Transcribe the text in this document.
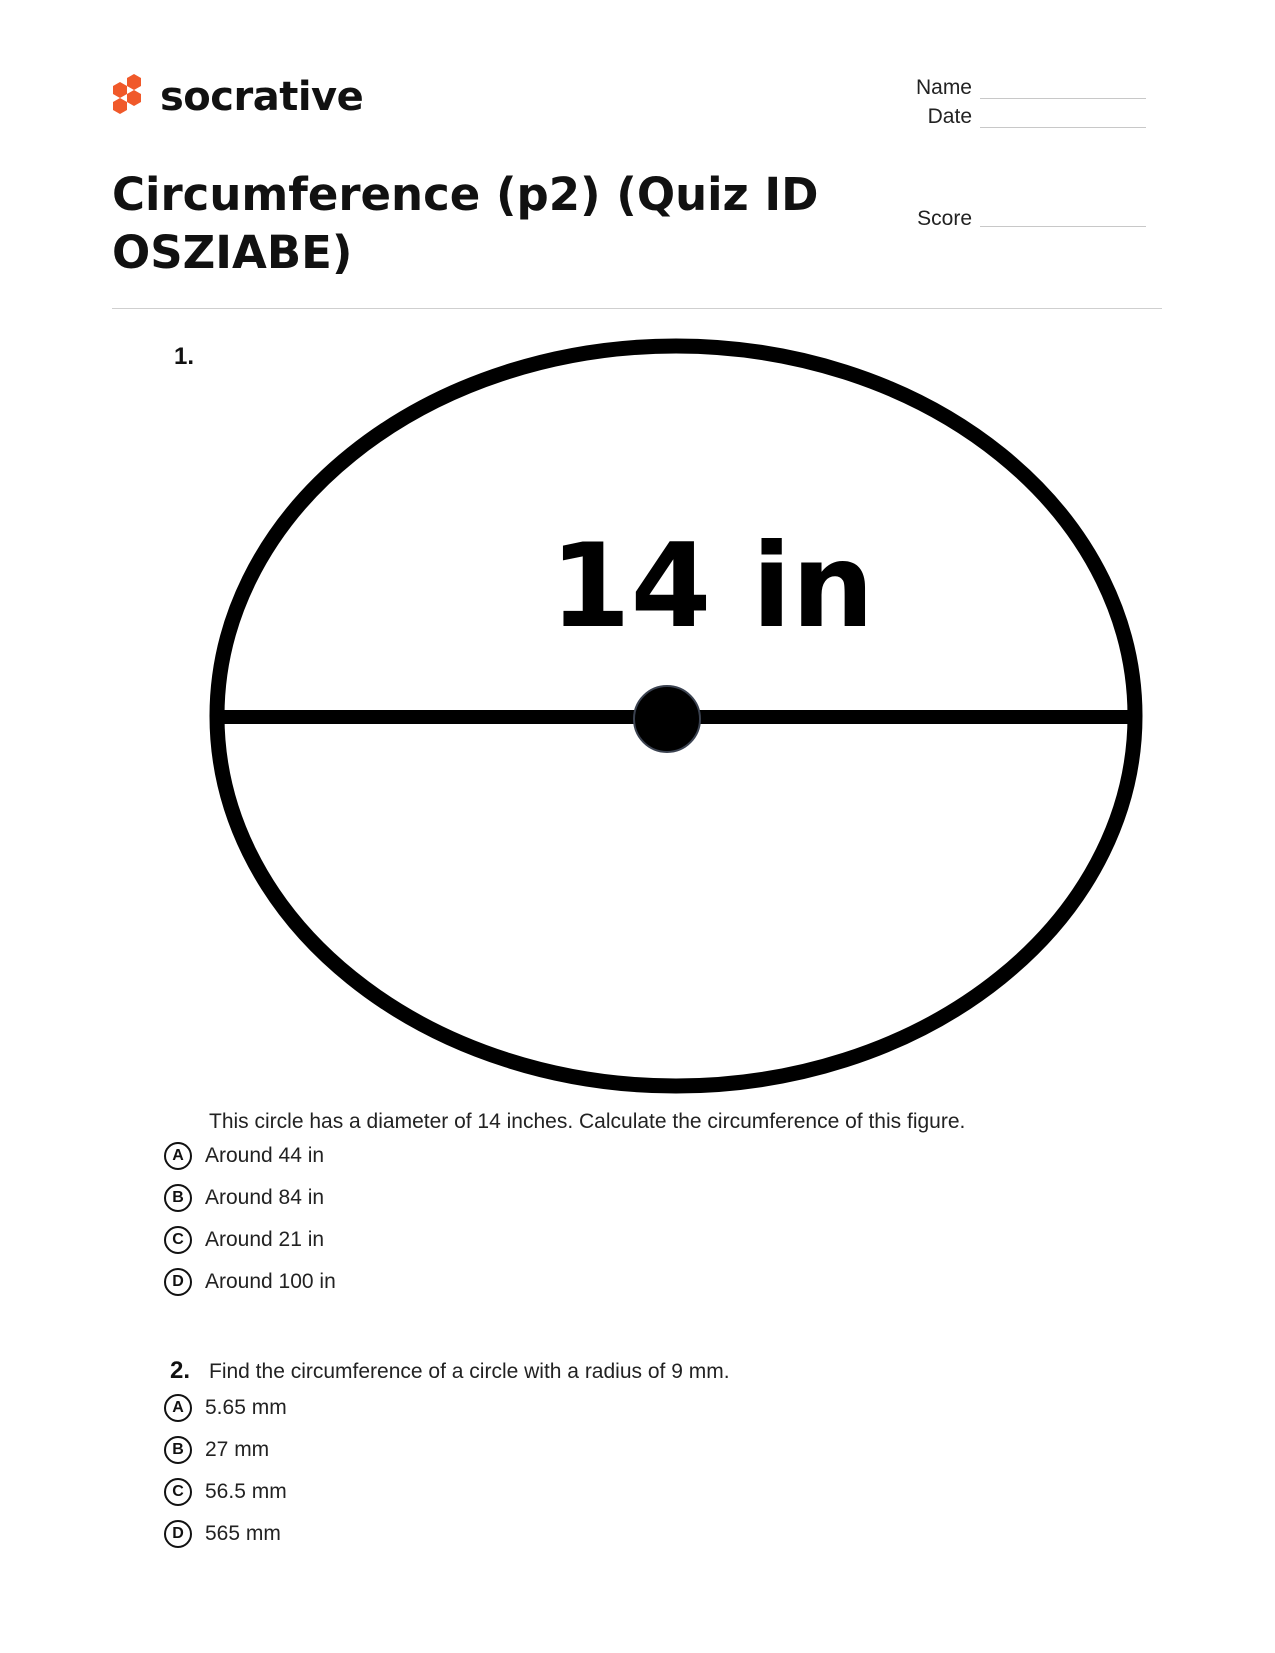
socrative	Name
Date
Score
Circumference (p2) (Quiz ID OSZIABE)
1.
14 in
This circle has a diameter of 14 inches. Calculate the circumference of this figure.
A	Around 44 in
B	Around 84 in
C	Around 21 in
D	Around 100 in
2. Find the circumference of a circle with a radius of 9 mm.
A	5.65 mm
B	27 mm
C	56.5 mm
D	565 mm
